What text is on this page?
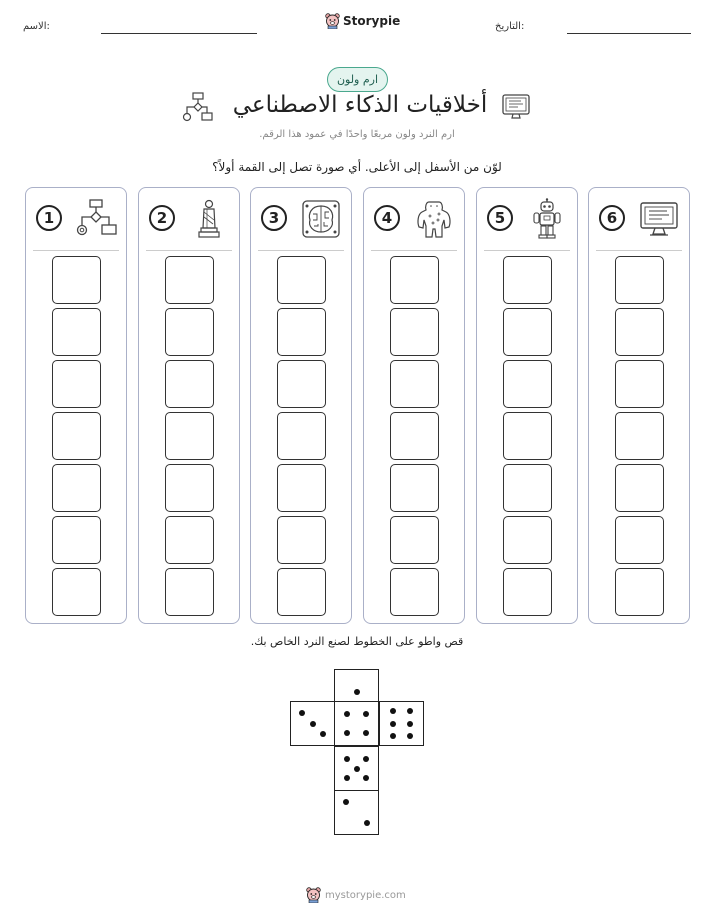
الاسم:	Storypie	التاريخ:
ارم ولون
أخلاقيات الذكاء الاصطناعي
ارم النرد ولون مربعًا واحدًا في عمود هذا الرقم.
لوّن من الأسفل إلى الأعلى. أي صورة تصل إلى القمة أولاً؟
1	2	3	4	5	6
قص واطو على الخطوط لصنع النرد الخاص بك.
mystorypie.com
